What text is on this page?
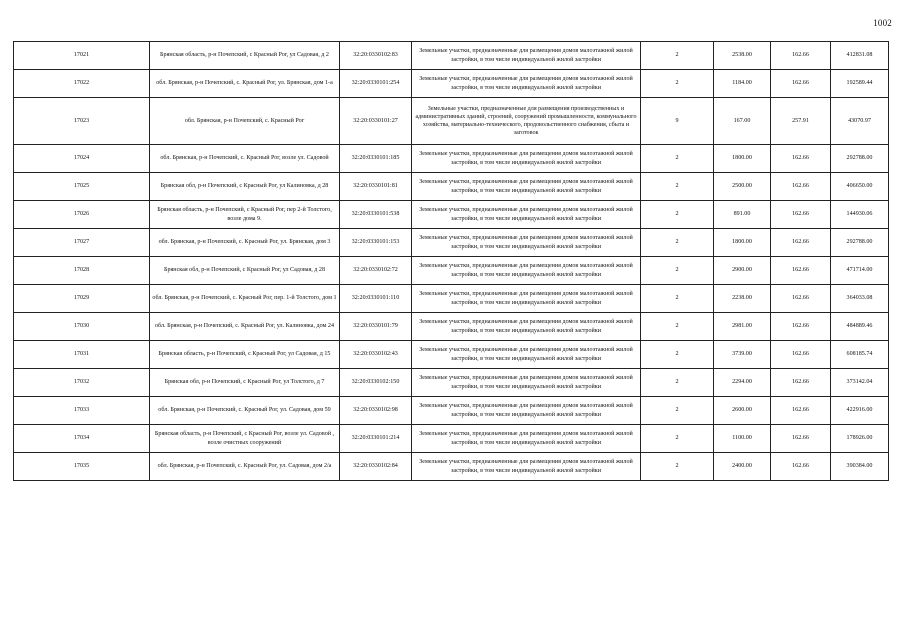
1002
17021	Брянская область, р-н Почепский, с Красный Рог, ул Садовая, д 2	32:20:0330102:83	Земельные участки, предназначенные для размещения домов малоэтажной жилой застройки, в том числе индивидуальной жилой застройки	2	2538.00	162.66	412831.08
17022	обл. Брянская, р-н Почепский, с. Красный Рог, ул. Брянская, дом 1-а	32:20:0330101:254	Земельные участки, предназначенные для размещения домов малоэтажной жилой застройки, в том числе индивидуальной жилой застройки	2	1184.00	162.66	192589.44
17023	обл. Брянская, р-н Почепский, с. Красный Рог	32:20:0330101:27	Земельные участки, предназначенные для размещения производственных и административных зданий, строений, сооружений промышленности, коммунального хозяйства, материально-технического, продовольственного снабжения, сбыта и заготовок	9	167.00	257.91	43070.97
17024	обл. Брянская, р-н Почепский, с. Красный Рог, возле ул. Садовой	32:20:0330101:185	Земельные участки, предназначенные для размещения домов малоэтажной жилой застройки, в том числе индивидуальной жилой застройки	2	1800.00	162.66	292788.00
17025	Брянская обл, р-н Почепский, с Красный Рог, ул Калиновка, д 28	32:20:0330101:81	Земельные участки, предназначенные для размещения домов малоэтажной жилой застройки, в том числе индивидуальной жилой застройки	2	2500.00	162.66	406650.00
17026	Брянская область, р-н Почепский, с Красный Рог, пер 2-й Толстого, возле дома 9.	32:20:0330101:538	Земельные участки, предназначенные для размещения домов малоэтажной жилой застройки, в том числе индивидуальной жилой застройки	2	891.00	162.66	144930.06
17027	обл. Брянская, р-н Почепский, с. Красный Рог, ул. Брянская, дом 3	32:20:0330101:153	Земельные участки, предназначенные для размещения домов малоэтажной жилой застройки, в том числе индивидуальной жилой застройки	2	1800.00	162.66	292788.00
17028	Брянская обл, р-н Почепский, с Красный Рог, ул Садовая, д 28	32:20:0330102:72	Земельные участки, предназначенные для размещения домов малоэтажной жилой застройки, в том числе индивидуальной жилой застройки	2	2900.00	162.66	471714.00
17029	обл. Брянская, р-н Почепский, с. Красный Рог, пер. 1-й Толстого, дом 1	32:20:0330101:110	Земельные участки, предназначенные для размещения домов малоэтажной жилой застройки, в том числе индивидуальной жилой застройки	2	2238.00	162.66	364033.08
17030	обл. Брянская, р-н Почепский, с. Красный Рог, ул. Калиновка, дом 24	32:20:0330101:79	Земельные участки, предназначенные для размещения домов малоэтажной жилой застройки, в том числе индивидуальной жилой застройки	2	2981.00	162.66	484889.46
17031	Брянская область, р-н Почепский, с Красный Рог, ул Садовая, д 15	32:20:0330102:43	Земельные участки, предназначенные для размещения домов малоэтажной жилой застройки, в том числе индивидуальной жилой застройки	2	3739.00	162.66	608185.74
17032	Брянская обл, р-н Почепский, с Красный Рог, ул Толстого, д 7	32:20:0330102:150	Земельные участки, предназначенные для размещения домов малоэтажной жилой застройки, в том числе индивидуальной жилой застройки	2	2294.00	162.66	373142.04
17033	обл. Брянская, р-н Почепский, с. Красный Рог, ул. Садовая, дом 59	32:20:0330102:98	Земельные участки, предназначенные для размещения домов малоэтажной жилой застройки, в том числе индивидуальной жилой застройки	2	2600.00	162.66	422916.00
17034	Брянская область, р-н Почепский, с Красный Рог, возле ул. Садовой , возле очистных сооружений	32:20:0330101:214	Земельные участки, предназначенные для размещения домов малоэтажной жилой застройки, в том числе индивидуальной жилой застройки	2	1100.00	162.66	178926.00
17035	обл. Брянская, р-н Почепский, с. Красный Рог, ул. Садовая, дом 2/а	32:20:0330102:84	Земельные участки, предназначенные для размещения домов малоэтажной жилой застройки, в том числе индивидуальной жилой застройки	2	2400.00	162.66	390384.00
